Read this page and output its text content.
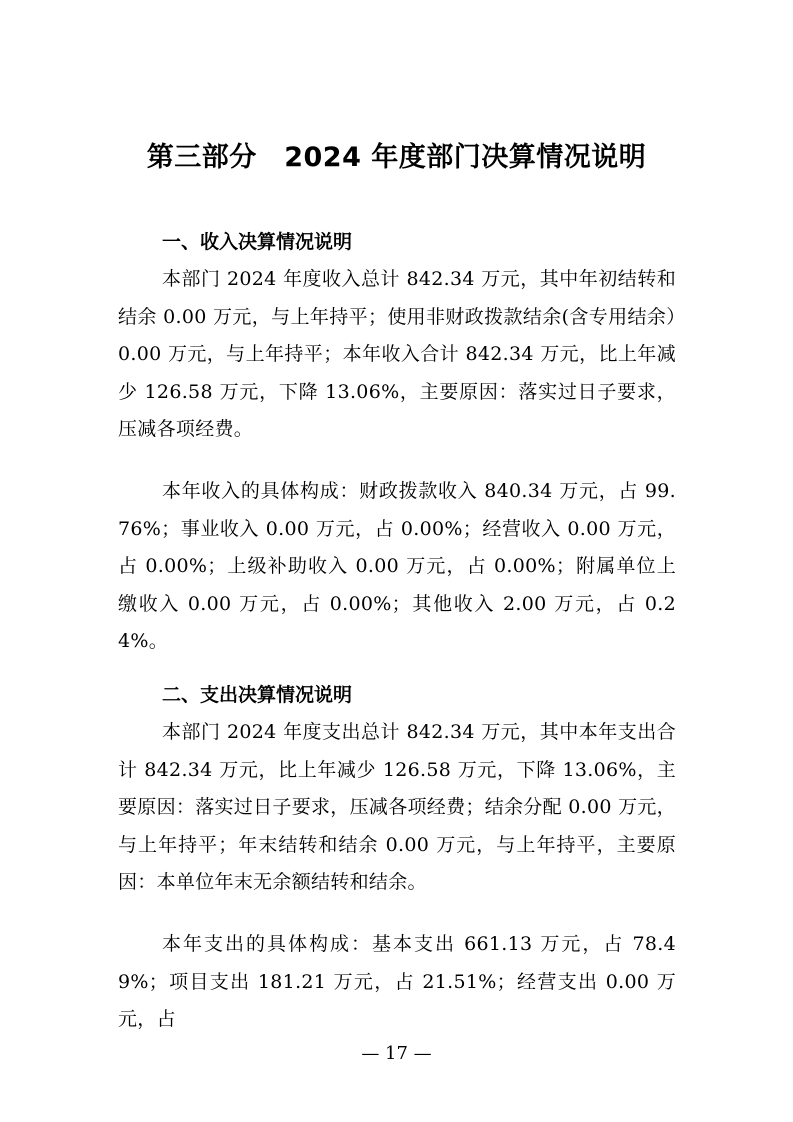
第三部分　2024 年度部门决算情况说明
一、收入决算情况说明

本部门 2024 年度收入总计 842.34 万元，其中年初结转和结余 0.00 万元，与上年持平；使用非财政拨款结余(含专用结余）0.00 万元，与上年持平；本年收入合计 842.34 万元，比上年减少 126.58 万元，下降 13.06%，主要原因：落实过日子要求，压减各项经费。

本年收入的具体构成：财政拨款收入 840.34 万元，占 99.76%；事业收入 0.00 万元，占 0.00%；经营收入 0.00 万元，占 0.00%；上级补助收入 0.00 万元，占 0.00%；附属单位上缴收入 0.00 万元，占 0.00%；其他收入 2.00 万元，占 0.24%。

二、支出决算情况说明

本部门 2024 年度支出总计 842.34 万元，其中本年支出合计 842.34 万元，比上年减少 126.58 万元，下降 13.06%，主要原因：落实过日子要求，压减各项经费；结余分配 0.00 万元，与上年持平；年末结转和结余 0.00 万元，与上年持平，主要原因：本单位年末无余额结转和结余。

本年支出的具体构成：基本支出 661.13 万元，占 78.49%；项目支出 181.21 万元，占 21.51%；经营支出 0.00 万元，占

— 17 —
